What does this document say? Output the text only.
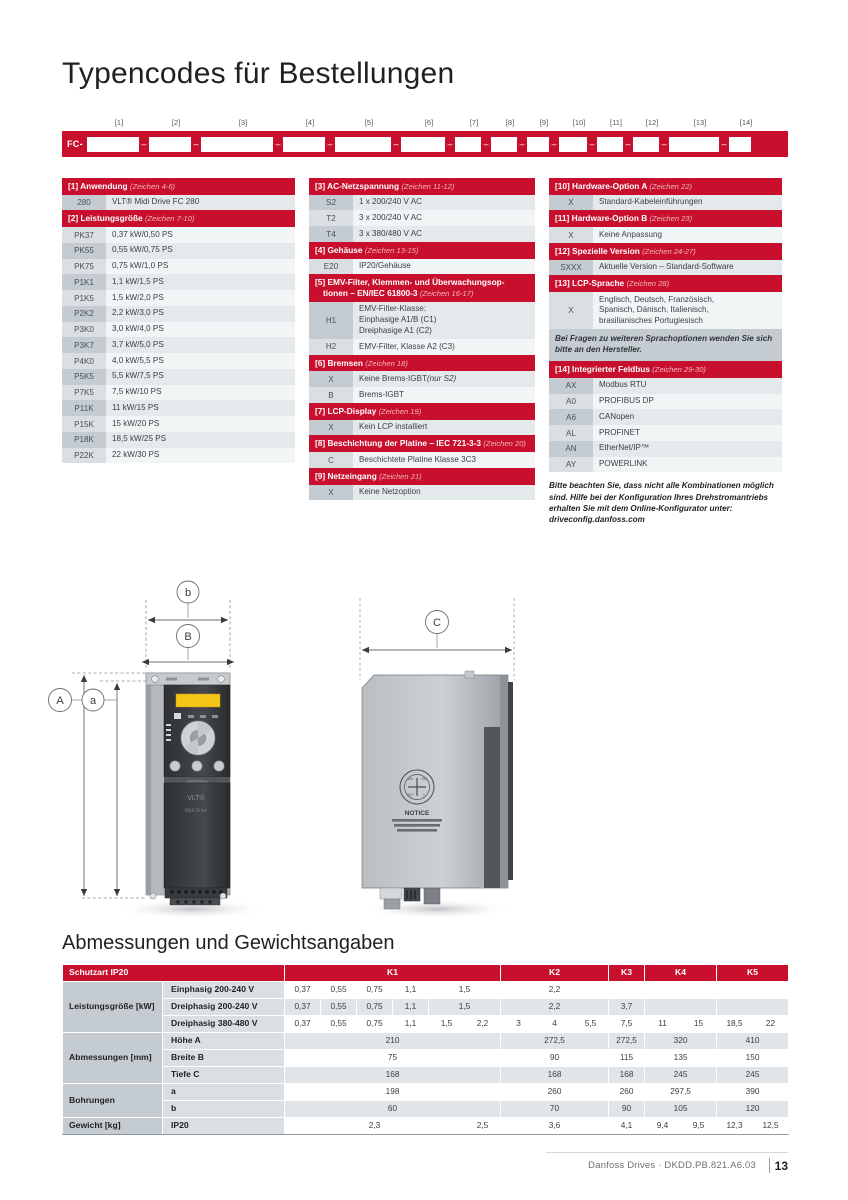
Typencodes für Bestellungen
[1]	[2]	[3]	[4]	[5]	[6]	[7]	[8]	[9]	[10]	[11]	[12]	[13]	[14]
FC-	–	–	–	–	–	–	–	–	–	–	–	–	–
[1] Anwendung (Zeichen 4-6)
280	VLT® Midi Drive FC 280
[2] Leistungsgröße (Zeichen 7-10)
PK37	0,37 kW/0,50 PS
PK55	0,55 kW/0,75 PS
PK75	0,75 kW/1,0 PS
P1K1	1,1 kW/1,5 PS
P1K5	1,5 kW/2,0 PS
P2K2	2,2 kW/3,0 PS
P3K0	3,0 kW/4,0 PS
P3K7	3,7 kW/5,0 PS
P4K0	4,0 kW/5,5 PS
P5K5	5,5 kW/7,5 PS
P7K5	7,5 kW/10 PS
P11K	11 kW/15 PS
P15K	15 kW/20 PS
P18K	18,5 kW/25 PS
P22K	22 kW/30 PS
[3] AC-Netzspannung (Zeichen 11-12)
S2	1 x 200/240 V AC
T2	3 x 200/240 V AC
T4	3 x 380/480 V AC
[4] Gehäuse (Zeichen 13-15)
E20	IP20/Gehäuse
[5] EMV-Filter, Klemmen- und Überwachungsop-
tionen – EN/IEC 61800-3 (Zeichen 16-17)
H1
EMV-Filter-Klasse:
Einphasige A1/B (C1)
Dreiphasige A1 (C2)
H2	EMV-Filter, Klasse A2 (C3)
[6] Bremsen (Zeichen 18)
X	Keine Brems-IGBT (nur S2)
B	Brems-IGBT
[7] LCP-Display (Zeichen 19)
X	Kein LCP installiert
[8] Beschichtung der Platine – IEC 721-3-3 (Zeichen 20)
C	Beschichtete Platine Klasse 3C3
[9] Netzeingang (Zeichen 21)
X	Keine Netzoption
[10] Hardware-Option A (Zeichen 22)
X	Standard-Kabeleinführungen
[11] Hardware-Option B (Zeichen 23)
X	Keine Anpassung
[12] Spezielle Version (Zeichen 24-27)
SXXX	Aktuelle Version – Standard-Software
[13] LCP-Sprache (Zeichen 28)
X
Englisch, Deutsch, Französisch,
Spanisch, Dänisch, Italienisch,
brasilianisches Portugiesisch
Bei Fragen zu weiteren Sprachoptionen wenden Sie sich bitte an den Hersteller.
[14] Integrierter Feldbus (Zeichen 29-30)
AX	Modbus RTU
A0	PROFIBUS DP
A6	CANopen
AL	PROFINET
AN	EtherNet/IP™
AY	POWERLINK
Bitte beachten Sie, dass nicht alle Kombinationen möglich sind. Hilfe bei der Konfiguration Ihres Drehstromantriebs erhalten Sie mit dem Online-Konfigurator unter: driveconfig.danfoss.com
b
B
A a
VLT®
Midi Drive
C
WA	RN
ING	!!
NOTICE
Abmessungen und Gewichtsangaben
Schutzart IP20		K1						K2			K3	K4		K5	
Leistungsgröße [kW]	Einphasig 200-240 V	0,37	0,55	0,75	1,1	1,5		2,2							
	Dreiphasig 200-240 V	0,37	0,55	0,75	1,1	1,5		2,2			3,7				
	Dreiphasig 380-480 V	0,37	0,55	0,75	1,1	1,5	2,2	3	4	5,5	7,5	11	15	18,5	22
Abmessungen [mm]	Höhe A	210						272,5			272,5	320		410	
	Breite B	75						90			115	135		150	
	Tiefe C	168						168			168	245		245	
Bohrungen	a	198						260			260	297,5		390	
	b	60						70			90	105		120	
Gewicht [kg]	IP20	2,3					2,5	3,6			4,1	9,4	9,5	12,3	12,5
Danfoss Drives · DKDD.PB.821.A6.03 13
